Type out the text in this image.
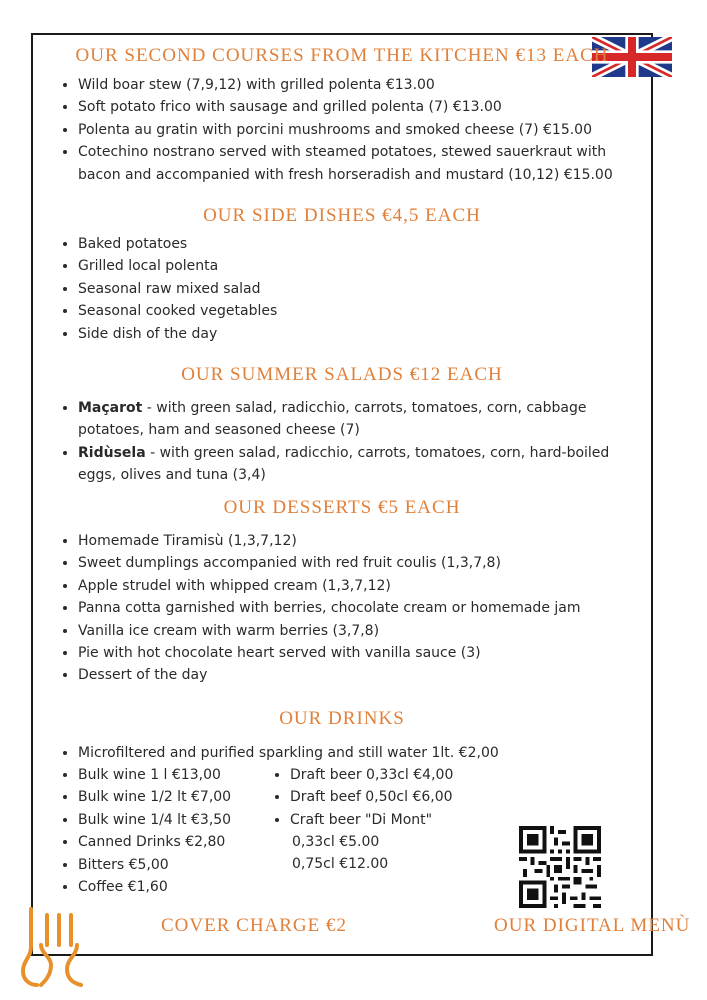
OUR SECOND COURSES FROM THE KITCHEN €13 EACH
• Wild boar stew (7,9,12) with grilled polenta €13.00
• Soft potato frico with sausage and grilled polenta (7) €13.00
• Polenta au gratin with porcini mushrooms and smoked cheese (7) €15.00
• Cotechino nostrano served with steamed potatoes, stewed sauerkraut with bacon and accompanied with fresh horseradish and mustard (10,12) €15.00
OUR SIDE DISHES €4,5 EACH
• Baked potatoes
• Grilled local polenta
• Seasonal raw mixed salad
• Seasonal cooked vegetables
• Side dish of the day
OUR SUMMER SALADS €12 EACH
• Maçarot - with green salad, radicchio, carrots, tomatoes, corn, cabbage potatoes, ham and seasoned cheese (7)
• Ridùsela - with green salad, radicchio, carrots, tomatoes, corn, hard-boiled eggs, olives and tuna (3,4)
OUR DESSERTS €5 EACH
• Homemade Tiramisù (1,3,7,12)
• Sweet dumplings accompanied with red fruit coulis (1,3,7,8)
• Apple strudel with whipped cream (1,3,7,12)
• Panna cotta garnished with berries, chocolate cream or homemade jam
• Vanilla ice cream with warm berries (3,7,8)
• Pie with hot chocolate heart served with vanilla sauce (3)
• Dessert of the day
OUR DRINKS
• Microfiltered and purified sparkling and still water 1lt. €2,00
• Bulk wine 1 l €13,00
• Bulk wine 1/2 lt €7,00
• Bulk wine 1/4 lt €3,50
• Canned Drinks €2,80
• Bitters €5,00
• Coffee €1,60
• Draft beer 0,33cl €4,00
• Draft beef 0,50cl €6,00
• Craft beer "Di Mont"
0,33cl €5.00
0,75cl €12.00
COVER CHARGE €2	OUR DIGITAL MENÙ
